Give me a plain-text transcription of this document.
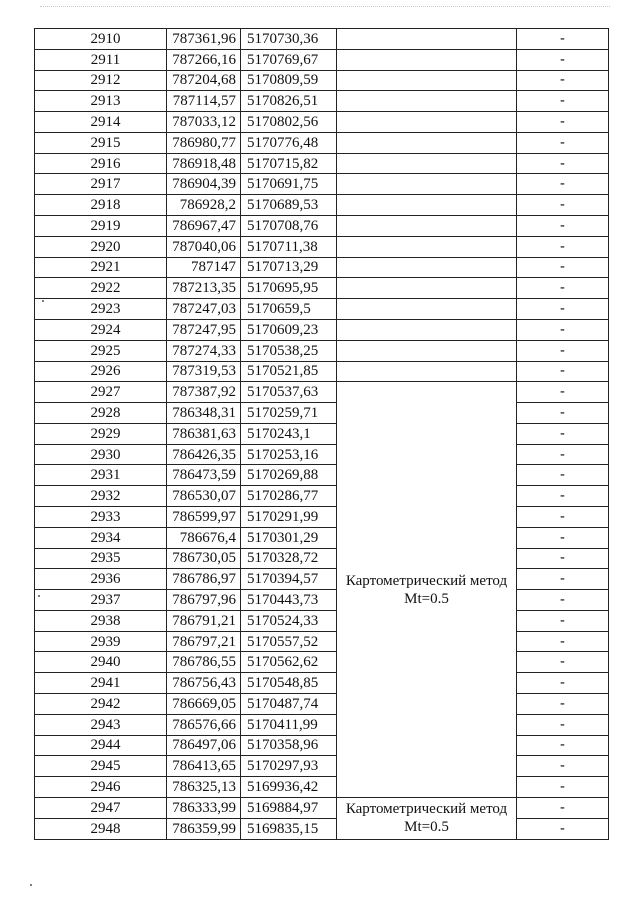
2910	787361,96	5170730,36		-
2911	787266,16	5170769,67		-
2912	787204,68	5170809,59		-
2913	787114,57	5170826,51		-
2914	787033,12	5170802,56		-
2915	786980,77	5170776,48		-
2916	786918,48	5170715,82		-
2917	786904,39	5170691,75		-
2918	786928,2	5170689,53		-
2919	786967,47	5170708,76		-
2920	787040,06	5170711,38		-
2921	787147	5170713,29		-
2922	787213,35	5170695,95		-
2923	787247,03	5170659,5		-
2924	787247,95	5170609,23		-
2925	787274,33	5170538,25		-
2926	787319,53	5170521,85		-
2927	787387,92	5170537,63	Картометрический метод
Mt=0.5	-
2928	786348,31	5170259,71		-
2929	786381,63	5170243,1		-
2930	786426,35	5170253,16		-
2931	786473,59	5170269,88		-
2932	786530,07	5170286,77		-
2933	786599,97	5170291,99		-
2934	786676,4	5170301,29		-
2935	786730,05	5170328,72		-
2936	786786,97	5170394,57		-
2937	786797,96	5170443,73		-
2938	786791,21	5170524,33		-
2939	786797,21	5170557,52		-
2940	786786,55	5170562,62		-
2941	786756,43	5170548,85		-
2942	786669,05	5170487,74		-
2943	786576,66	5170411,99		-
2944	786497,06	5170358,96		-
2945	786413,65	5170297,93		-
2946	786325,13	5169936,42		-
2947	786333,99	5169884,97	Картометрический метод
Mt=0.5	-
2948	786359,99	5169835,15		-
